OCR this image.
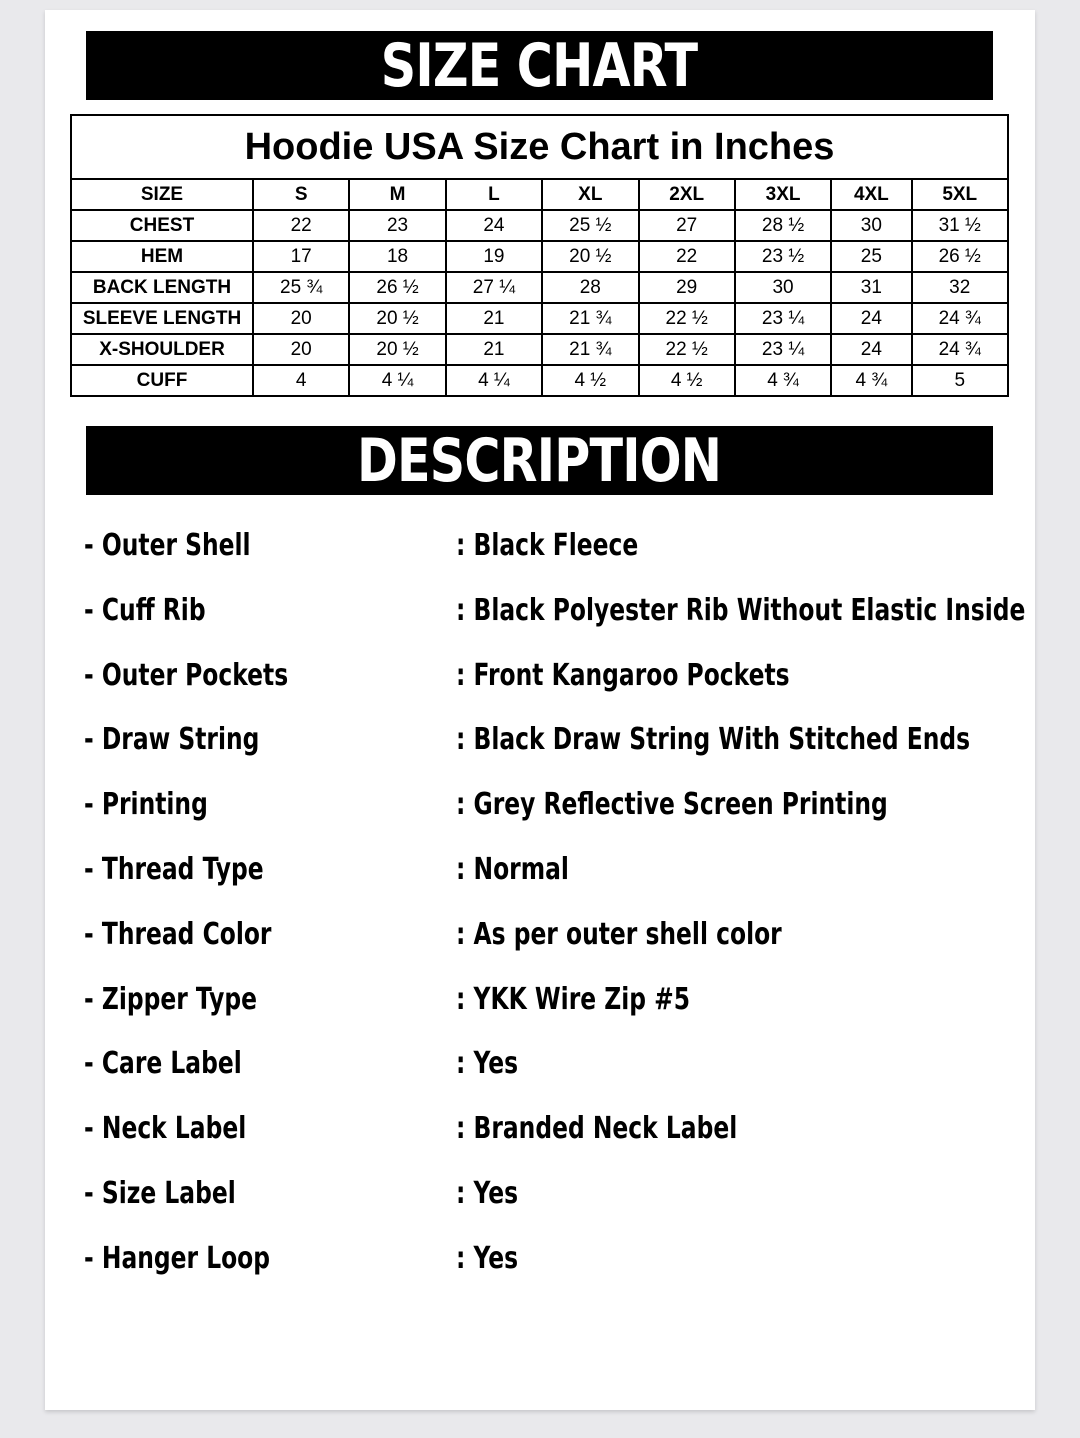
SIZE CHART
Hoodie USA Size Chart in Inches								
SIZE	S	M	L	XL	2XL	3XL	4XL	5XL
CHEST	22	23	24	25 ½	27	28 ½	30	31 ½
HEM	17	18	19	20 ½	22	23 ½	25	26 ½
BACK LENGTH	25 ¾	26 ½	27 ¼	28	29	30	31	32
SLEEVE LENGTH	20	20 ½	21	21 ¾	22 ½	23 ¼	24	24 ¾
X-SHOULDER	20	20 ½	21	21 ¾	22 ½	23 ¼	24	24 ¾
CUFF	4	4 ¼	4 ¼	4 ½	4 ½	4 ¾	4 ¾	5
DESCRIPTION
- Outer Shell	: Black Fleece
- Cuff Rib	: Black Polyester Rib Without Elastic Inside
- Outer Pockets	: Front Kangaroo Pockets
- Draw String	: Black Draw String With Stitched Ends
- Printing	: Grey Reflective Screen Printing
- Thread Type	: Normal
- Thread Color	: As per outer shell color
- Zipper Type	: YKK Wire Zip #5
- Care Label	: Yes
- Neck Label	: Branded Neck Label
- Size Label	: Yes
- Hanger Loop	: Yes
